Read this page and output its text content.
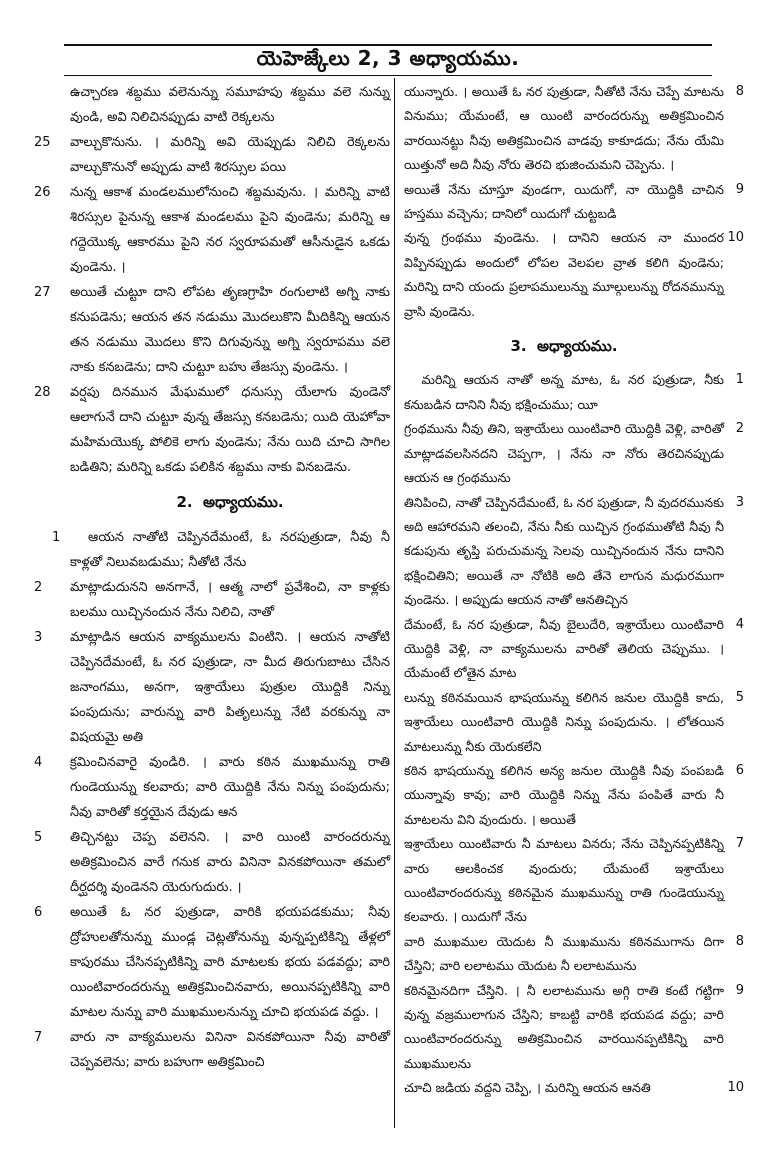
యెహెజ్కేలు 2, 3 అధ్యాయము.

ఉచ్చారణ శబ్దము వలెనున్ను సమూహపు శబ్దము వలె నున్ను వుండి, అవి నిలిచినప్పుడు వాటి రెక్కలను

25 వాల్చుకొనును. । మరిన్ని అవి యెప్పుడు నిలిచి రెక్కలను వాల్చుకొనునో అప్పుడు వాటి శిరస్సుల పయి

26 నున్న ఆకాశ మండలములోనుంచి శబ్దమవును. । మరిన్ని వాటి శిరస్సుల పైనున్న ఆకాశ మండలము పైని వుండెను; మరిన్ని ఆ గద్దెయొక్క ఆకారము పైని నర స్వరూపమతో ఆసీనుడైన ఒకడు వుండెను. ।

27 అయితే చుట్టూ దాని లోపట తృణగ్రాహి రంగులాటి అగ్ని నాకు కనుపడెను; ఆయన తన నడుము మొదలుకొని మీదికిన్ని ఆయన తన నడుము మొదలు కొని దిగువున్ను అగ్ని స్వరూపము వలె నాకు కనబడెను; దాని చుట్టూ బహు తేజస్సు వుండెను. ।

28 వర్షపు దినమున మేఘములో ధనుస్సు యేలాగు వుండెనో ఆలాగునే దాని చుట్టూ వున్న తేజస్సు కనబడెను; యిది యెహోవా మహిమయొక్క పోలికె లాగు వుండెను; నేను యిది చూచి సాగిల బడితిని; మరిన్ని ఒకడు పలికిన శబ్దము నాకు వినబడెను.

2. అధ్యాయము.

1 ఆయన నాతోటి చెప్పినదేమంటే, ఓ నరపుత్రుడా, నీవు నీ కాళ్లతో నిలువబడుము; నీతోటి నేను

2 మాట్లాడుదునని అనగానే, । ఆత్మ నాలో ప్రవేశించి, నా కాళ్లకు బలము యిచ్చినందున నేను నిలిచి, నాతో

3 మాట్లాడిన ఆయన వాక్యములను వింటిని. । ఆయన నాతోటి చెప్పినదేమంటే, ఓ నర పుత్రుడా, నా మీద తిరుగుబాటు చేసిన జనాంగము, అనగా, ఇశ్రాయేలు పుత్రుల యొద్దికి నిన్ను పంపుదును; వారున్ను వారి పితృలున్ను నేటి వరకున్ను నా విషయమై అతి

4 క్రమించినవారై వుండిరి. । వారు కఠిన ముఖమున్ను రాతి గుండెయున్ను కలవారు; వారి యొద్దికి నేను నిన్ను పంపుదును; నీవు వారితో కర్తయైన దేవుడు ఆన

5 తిచ్చినట్టు చెప్ప వలెనని. । వారి యింటి వారందరున్ను అతిక్రమించిన వారే గనుక వారు వినినా వినకపోయినా తమలో దీర్ఘదర్శి వుండెనని యెరుగుదురు. ।

6 అయితే ఓ నర పుత్రుడా, వారికి భయపడకుము; నీవు ద్రోహులతోనున్ను ముండ్ల చెట్లతోనున్ను వున్నప్పటికిన్ని తేళ్లలో కాపురము చేసినప్పటికిన్ని వారి మాటలకు భయ పడవద్దు; వారి యింటివారందరున్ను అతిక్రమించినవారు, అయినప్పటికిన్ని వారి మాటల నున్ను వారి ముఖములనున్ను చూచి భయపడ వద్దు. ।

7 వారు నా వాక్యములను వినినా వినకపోయినా నీవు వారితో చెప్పవలెను; వారు బహుగా అతిక్రమించి

8
యున్నారు. । అయితే ఓ నర పుత్రుడా, నీతోటి నేను చెప్పే మాటను వినుము; యేమంటే, ఆ యింటి వారందరున్ను అతిక్రమించిన వారయినట్టు నీవు అతిక్రమించిన వాడవు కాకూడదు; నేను యేమి యిత్తునో అది నీవు నోరు తెరచి భుజించుమని చెప్పెను. ।

9
అయితే నేను చూస్తూ వుండగా, యిదుగో, నా యొద్దికి చాచిన హస్తము వచ్చెను; దానిలో యిదుగో చుట్టబడి

10
వున్న గ్రంథము వుండెను. । దానిని ఆయన నా ముందర విప్పినప్పుడు అందులో లోపల వెలపల వ్రాత కలిగి వుండెను; మరిన్ని దాని యందు ప్రలాపములున్ను మూల్గులున్ను రోదనమున్ను వ్రాసి వుండెను.

3. అధ్యాయము.

1
మరిన్ని ఆయన నాతో అన్న మాట, ఓ నర పుత్రుడా, నీకు కనుబడిన దానిని నీవు భక్షించుము; యీ

2
గ్రంథమును నీవు తిని, ఇశ్రాయేలు యింటివారి యొద్దికి వెళ్లి, వారితో మాట్లాడవలసినదని చెప్పగా, । నేను నా నోరు తెరచినప్పుడు ఆయన ఆ గ్రంథమును

3
తినిపించి, నాతో చెప్పినదేమంటే, ఓ నర పుత్రుడా, నీ వుదరమునకు అది ఆహారమని తలంచి, నేను నీకు యిచ్చిన గ్రంథముతోటి నీవు నీ కడుపును తృప్తి పరుచుమన్న సెలవు యిచ్చినందున నేను దానిని భక్షించితిని; అయితే నా నోటికి అది తేనె లాగున మధురముగా వుండెను. । అప్పుడు ఆయన నాతో ఆనతిచ్చిన

4
దేమంటే, ఓ నర పుత్రుడా, నీవు బైలుదేరి, ఇశ్రాయేలు యింటివారి యొద్దికి వెళ్లి, నా వాక్యములను వారితో తెలియ చెప్పుము. । యేమంటే లోతైన మాట

5
లున్ను కఠినమయిన భాషయున్ను కలిగిన జనుల యొద్దికి కాదు, ఇశ్రాయేలు యింటివారి యొద్దికి నిన్ను పంపుదును. । లోతయిన మాటలున్ను నీకు యెరుకలేని

6
కఠిన భాషయున్ను కలిగిన అన్య జనుల యొద్దికి నీవు పంపబడి యున్నావు కావు; వారి యొద్దికి నిన్ను నేను పంపితే వారు నీ మాటలను విని వుందురు. । అయితే

7
ఇశ్రాయేలు యింటివారు నీ మాటలు వినరు; నేను చెప్పినప్పటికిన్ని వారు ఆలకించక వుందురు; యేమంటే ఇశ్రాయేలు యింటివారందరున్ను కఠినమైన ముఖమున్ను రాతి గుండెయున్ను కలవారు. । యిదుగో నేను

8
వారి ముఖముల యెదుట నీ ముఖమును కఠినముగాను దిగా చేస్తిని; వారి లలాటము యెదుట నీ లలాటమును

9
కఠినమైనదిగా చేస్తిని. । నీ లలాటమును అగ్గి రాతి కంటే గట్టిగా వున్న వజ్రములాగున చేస్తిని; కాబట్టి వారికి భయపడ వద్దు; వారి యింటివారందరున్ను అతిక్రమించిన వారయినప్పటికిన్ని వారి ముఖములను

10
చూచి జడియ వద్దని చెప్పి, । మరిన్ని ఆయన ఆనతి
